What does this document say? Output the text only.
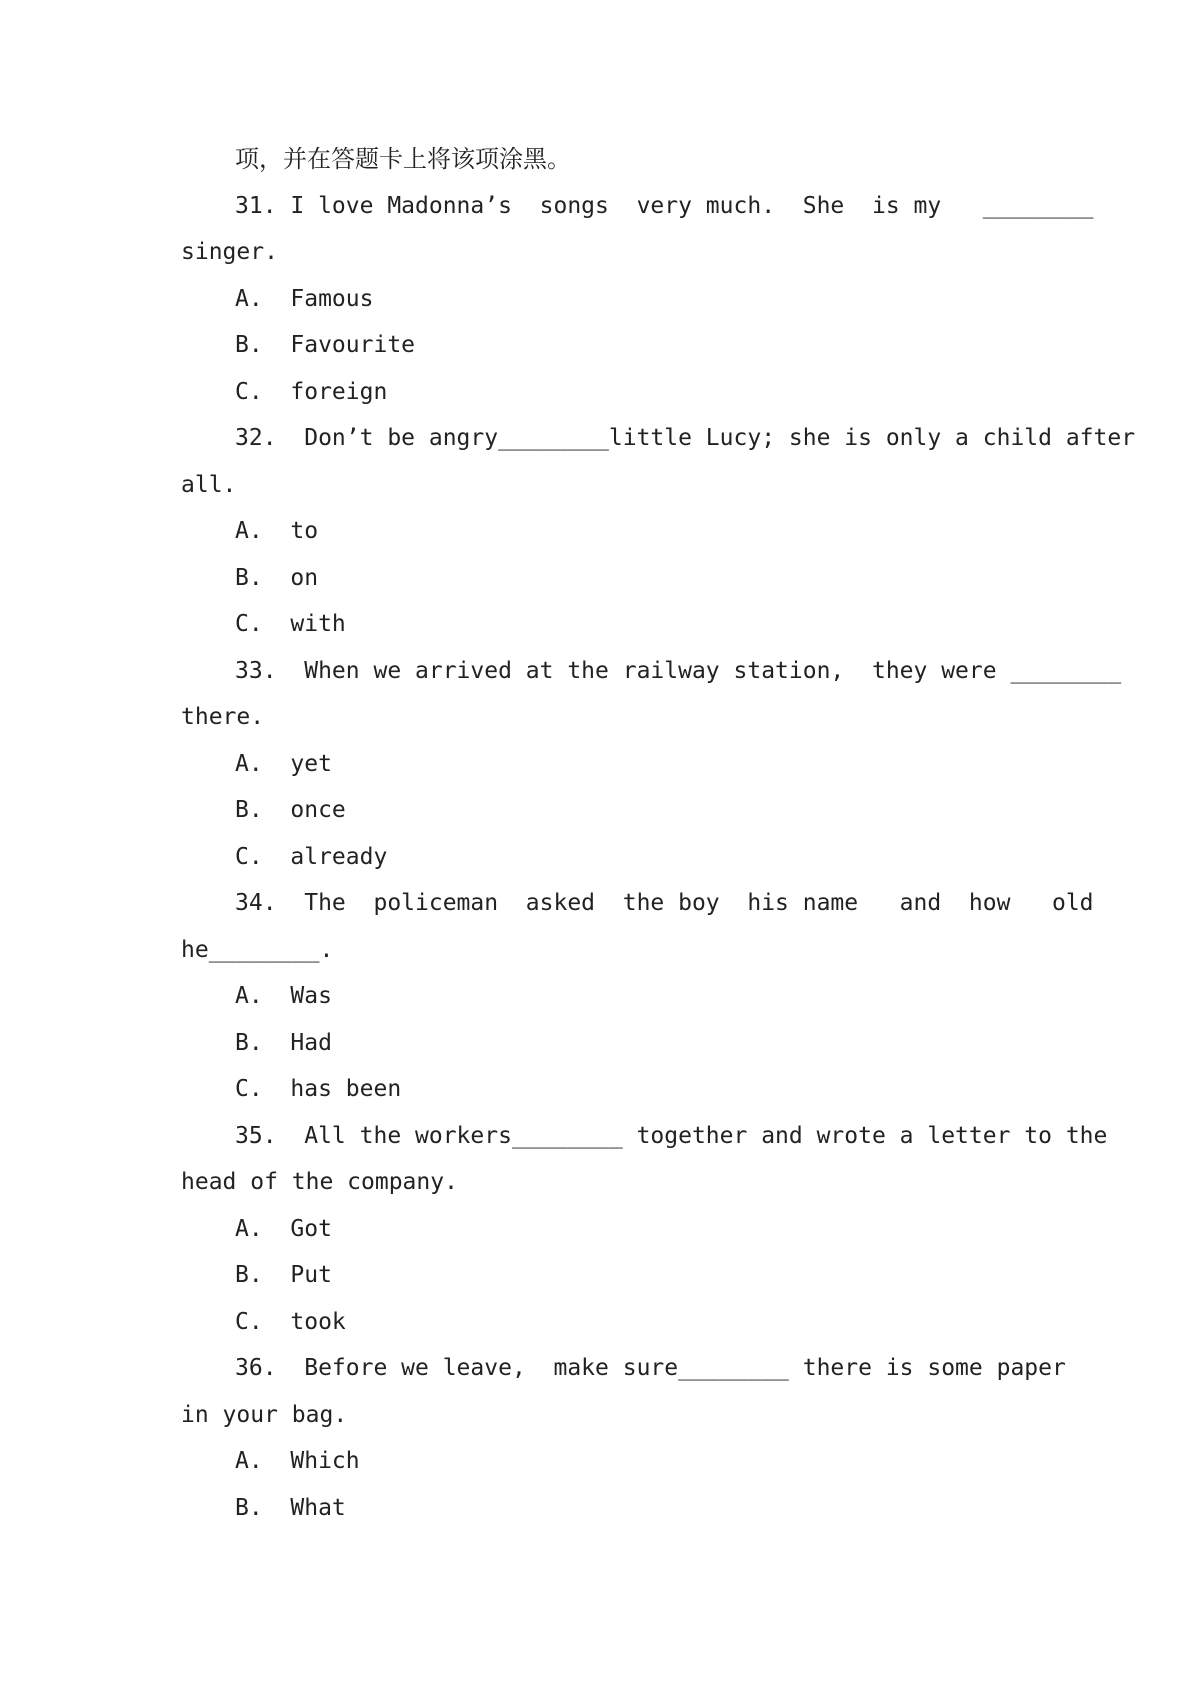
项，并在答题卡上将该项涂黑。
31. I love Madonna’s  songs  very much.  She  is my   ________
singer.
A.  Famous
B.  Favourite
C.  foreign
32.  Don’t be angry________little Lucy; she is only a child after
all.
A.  to
B.  on
C.  with
33.  When we arrived at the railway station,  they were ________
there.
A.  yet
B.  once
C.  already
34.  The  policeman  asked  the boy  his name   and  how   old
he________.
A.  Was
B.  Had
C.  has been
35.  All the workers________ together and wrote a letter to the
head of the company.
A.  Got
B.  Put
C.  took
36.  Before we leave,  make sure________ there is some paper
in your bag.
A.  Which
B.  What
